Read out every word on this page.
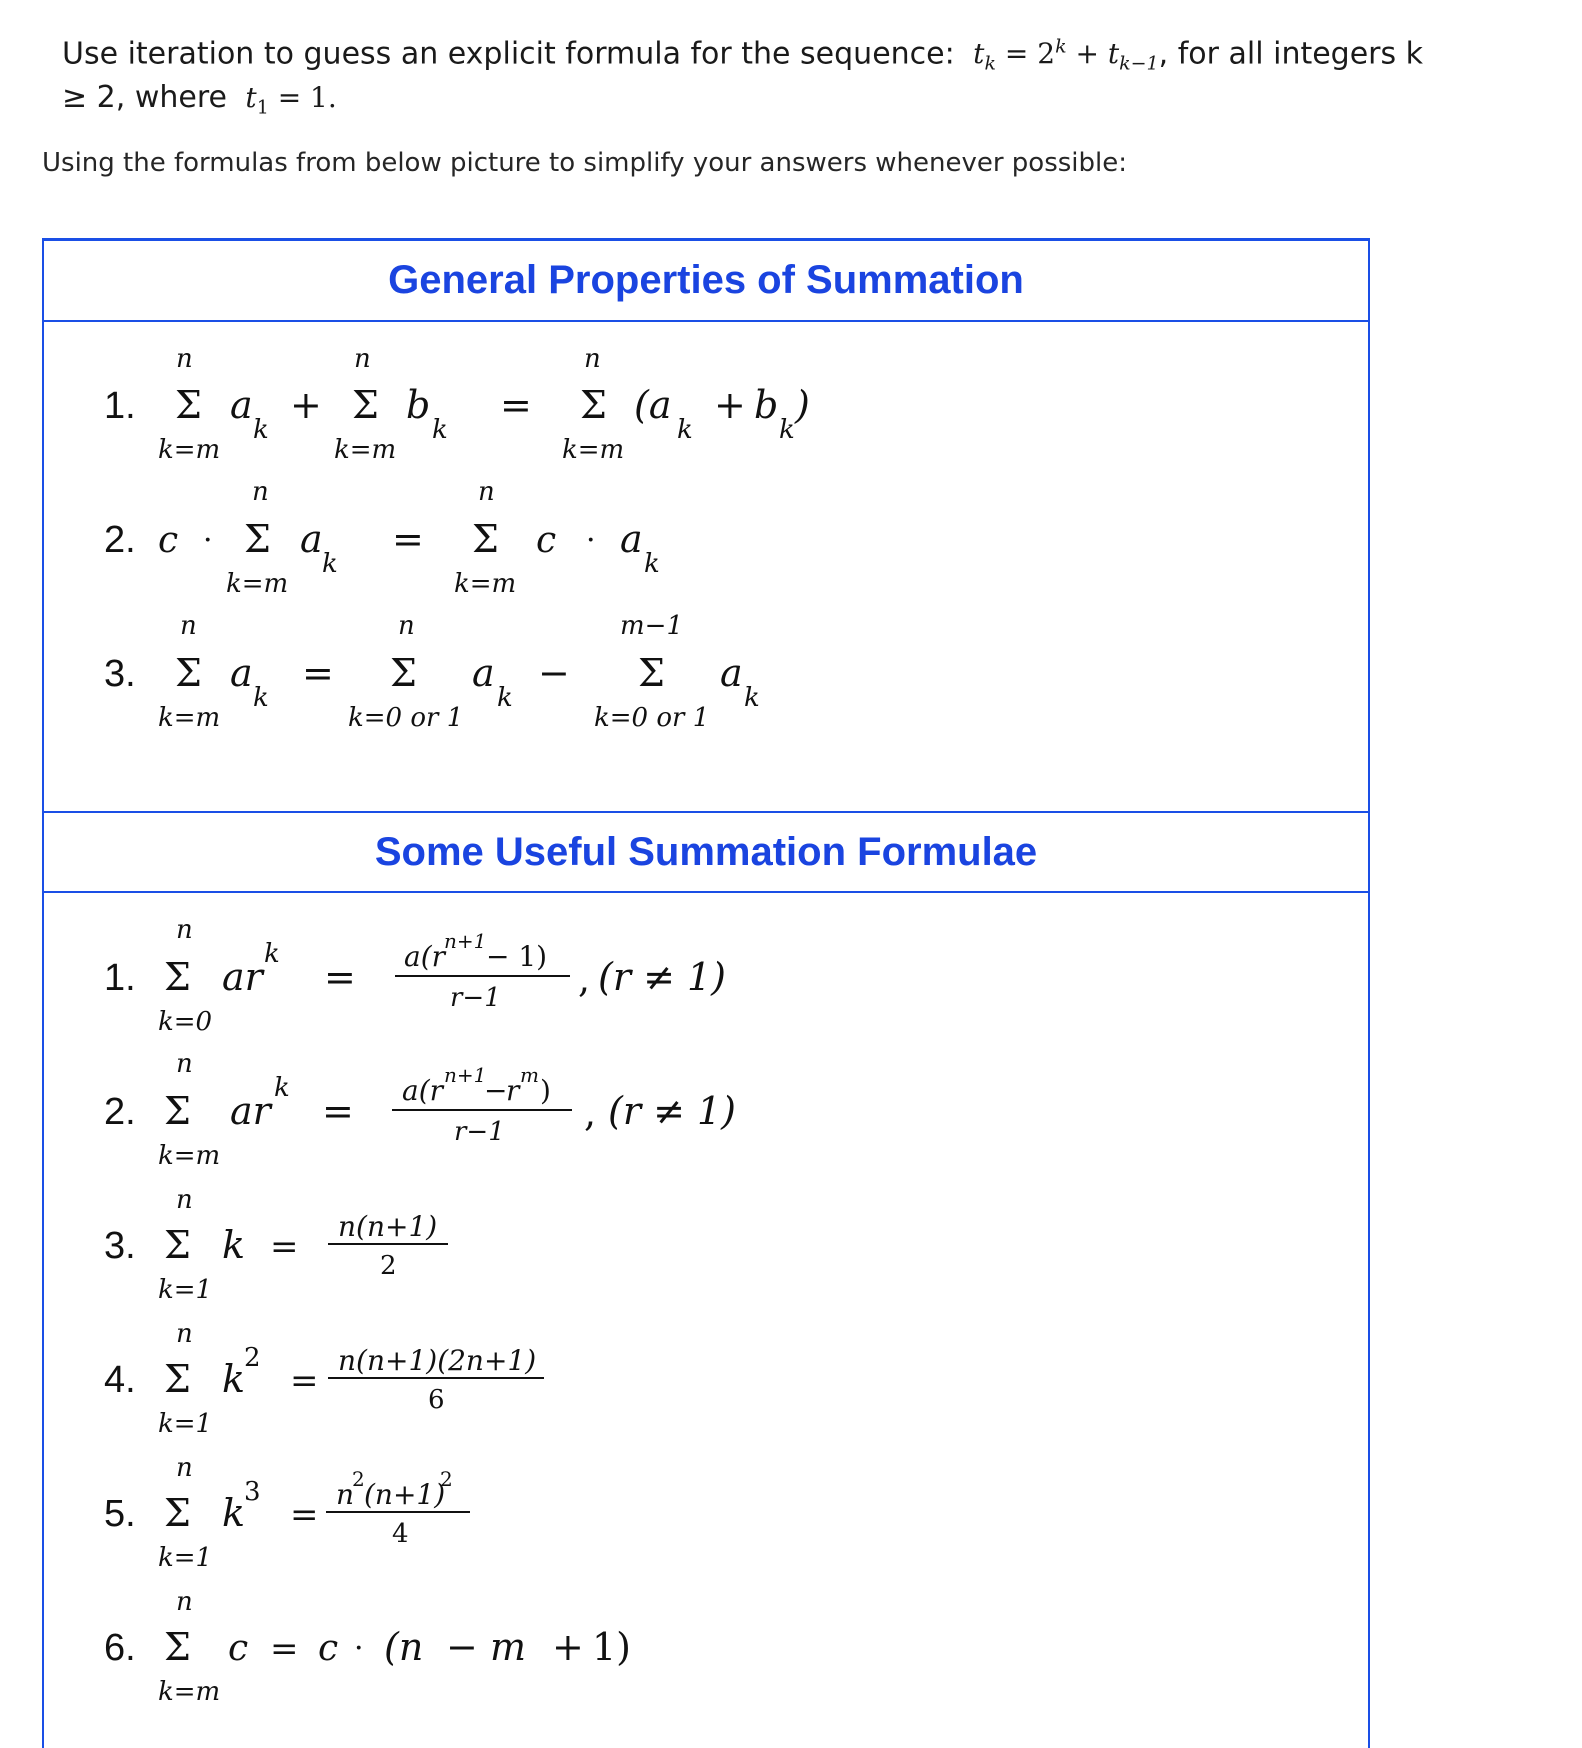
Use iteration to guess an explicit formula for the sequence:  $t_k = 2^k + t_{k-1}$, for all integers k
≥ 2, where  $t_1 = 1$.
Using the formulas from below picture to simplify your answers whenever possible:
General Properties of Summation
Some Useful Summation Formulae
1.
n
Σ
k=m
a
k
+
n
Σ
k=m
b
k
=
n
Σ
k=m
(a
k
+ b
k
)
2. c ·
n
Σ
k=m
a
k
=
n
Σ
k=m
c · a
k
3.
n
Σ
k=m
a
k
=
n
Σ
k=0 or 1
a
k
−
m−1
Σ
k=0 or 1
a
k
1.
n
Σ
k=0
ar
k
= a(r
n+1 − 1)
r−1 , (r ≠ 1)
2.
n
Σ
k=m
ar
k
= a(r n+1
−
r m )
r−1 , (r ≠ 1)
3.
n
Σ
k=1
k =
n(n+1)
2
4.
n
Σ
k=1
k
2
=
n(n+1)(2n+1)
6
5.
n
Σ
k=1
k
3
=
n
2 (n+1)
2
4
6.
n
Σ
k=m
c = c · (n − m + 1)
